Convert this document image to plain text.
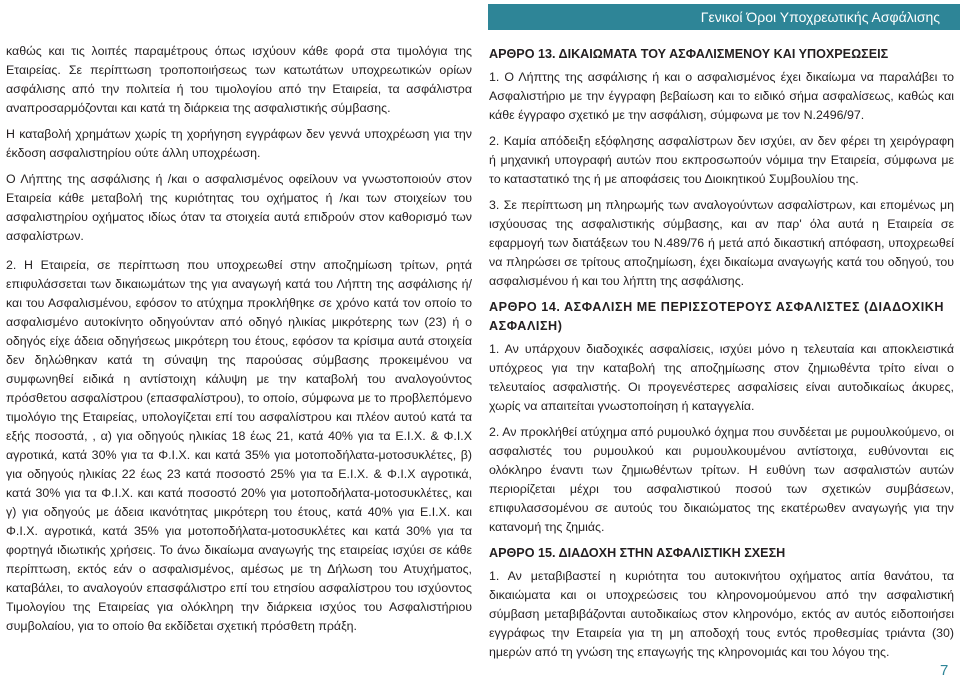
Γενικοί Όροι Υποχρεωτικής Ασφάλισης

καθώς και τις λοιπές παραμέτρους όπως ισχύουν κάθε φορά στα τιμολόγια της Εταιρείας. Σε περίπτωση τροποποιήσεως των κατωτάτων υποχρεωτικών ορίων ασφάλισης από την πολιτεία ή του τιμολογίου από την Εταιρεία, τα ασφάλιστρα αναπροσαρμόζονται και κατά τη διάρκεια της ασφαλιστικής σύμβασης.

Η καταβολή χρημάτων χωρίς τη χορήγηση εγγράφων δεν γεννά υποχρέωση για την έκδοση ασφαλιστηρίου ούτε άλλη υποχρέωση.

Ο Λήπτης της ασφάλισης ή /και ο ασφαλισμένος οφείλουν να γνωστοποιούν στον Εταιρεία κάθε μεταβολή της κυριότητας του οχήματος ή /και των στοιχείων του ασφαλιστηρίου οχήματος ιδίως όταν τα στοιχεία αυτά επιδρούν στον καθορισμό των ασφαλίστρων.

2. Η Εταιρεία, σε περίπτωση που υποχρεωθεί στην αποζημίωση τρίτων, ρητά επιφυλάσσεται των δικαιωμάτων της για αναγωγή κατά του Λήπτη της ασφάλισης ή/και του Ασφαλισμένου, εφόσον το ατύχημα προκλήθηκε σε χρόνο κατά τον οποίο το ασφαλισμένο αυτοκίνητο οδηγούνταν από οδηγό ηλικίας μικρότερης των (23) ή ο οδηγός είχε άδεια οδηγήσεως μικρότερη του έτους, εφόσον τα κρίσιμα αυτά στοιχεία δεν δηλώθηκαν κατά τη σύναψη της παρούσας σύμβασης προκειμένου να συμφωνηθεί ειδικά η αντίστοιχη κάλυψη με την καταβολή του αναλογούντος πρόσθετου ασφαλίστρου (επασφαλίστρου), το οποίο, σύμφωνα με το προβλεπόμενο τιμολόγιο της Εταιρείας, υπολογίζεται επί του ασφαλίστρου και πλέον αυτού κατά τα εξής ποσοστά, , α) για οδηγούς ηλικίας 18 έως 21, κατά 40% για τα Ε.Ι.Χ. & Φ.Ι.Χ αγροτικά, κατά 30% για τα Φ.Ι.Χ. και κατά 35% για μοτοποδήλατα-μοτοσυκλέτες, β) για οδηγούς ηλικίας 22 έως 23 κατά ποσοστό 25% για τα Ε.Ι.Χ. & Φ.Ι.Χ αγροτικά, κατά 30% για τα Φ.Ι.Χ. και κατά ποσοστό 20% για μοτοποδήλατα-μοτοσυκλέτες, και γ) για οδηγούς με άδεια ικανότητας μικρότερη του έτους, κατά 40% για Ε.Ι.Χ. και Φ.Ι.Χ. αγροτικά, κατά 35% για μοτοποδήλατα-μοτοσυκλέτες και κατά 30% για τα φορτηγά ιδιωτικής χρήσεις. Το άνω δικαίωμα αναγωγής της εταιρείας ισχύει σε κάθε περίπτωση, εκτός εάν ο ασφαλισμένος, αμέσως με τη Δήλωση του Ατυχήματος, καταβάλει, το αναλογούν επασφάλιστρο επί του ετησίου ασφαλίστρου του ισχύοντος Τιμολογίου της Εταιρείας για ολόκληρη την διάρκεια ισχύος του Ασφαλιστήριου συμβολαίου, για το οποίο θα εκδίδεται σχετική πρόσθετη πράξη.

ΑΡΘΡΟ 13. ΔΙΚΑΙΩΜΑΤΑ ΤΟΥ ΑΣΦΑΛΙΣΜΕΝΟΥ ΚΑΙ ΥΠΟΧΡΕΩΣΕΙΣ

1. Ο Λήπτης της ασφάλισης ή και ο ασφαλισμένος έχει δικαίωμα να παραλάβει το Ασφαλιστήριο με την έγγραφη βεβαίωση και το ειδικό σήμα ασφαλίσεως, καθώς και κάθε έγγραφο σχετικό με την ασφάλιση, σύμφωνα με τον Ν.2496/97.

2. Καμία απόδειξη εξόφλησης ασφαλίστρων δεν ισχύει, αν δεν φέρει τη χειρόγραφη ή μηχανική υπογραφή αυτών που εκπροσωπούν νόμιμα την Εταιρεία, σύμφωνα με το καταστατικό της ή με αποφάσεις του Διοικητικού Συμβουλίου της.

3. Σε περίπτωση μη πληρωμής των αναλογούντων ασφαλίστρων, και επομένως μη ισχύουσας της ασφαλιστικής σύμβασης, και αν παρ' όλα αυτά η Εταιρεία σε εφαρμογή των διατάξεων του Ν.489/76 ή μετά από δικαστική απόφαση, υποχρεωθεί να πληρώσει σε τρίτους αποζημίωση, έχει δικαίωμα αναγωγής κατά του οδηγού, του ασφαλισμένου ή και του λήπτη της ασφάλισης.

ΑΡΘΡΟ 14. ΑΣΦΑΛΙΣΗ ΜΕ ΠΕΡΙΣΣΟΤΕΡΟΥΣ ΑΣΦΑΛΙΣΤΕΣ (ΔΙΑΔΟΧΙΚΗ ΑΣΦΑΛΙΣΗ)

1. Αν υπάρχουν διαδοχικές ασφαλίσεις, ισχύει μόνο η τελευταία και αποκλειστικά υπόχρεος για την καταβολή της αποζημίωσης στον ζημιωθέντα τρίτο είναι ο τελευταίος ασφαλιστής. Οι προγενέστερες ασφαλίσεις είναι αυτοδικαίως άκυρες, χωρίς να απαιτείται γνωστοποίηση ή καταγγελία.

2. Αν προκλήθεί ατύχημα από ρυμουλκό όχημα που συνδέεται με ρυμουλκούμενο, οι ασφαλιστές του ρυμουλκού και ρυμουλκουμένου αντίστοιχα, ευθύνονται εις ολόκληρο έναντι των ζημιωθέντων τρίτων. Η ευθύνη των ασφαλιστών αυτών περιορίζεται μέχρι του ασφαλιστικού ποσού των σχετικών συμβάσεων, επιφυλασσομένου σε αυτούς του δικαιώματος της εκατέρωθεν αναγωγής για την κατανομή της ζημιάς.

ΑΡΘΡΟ 15. ΔΙΑΔΟΧΗ ΣΤΗΝ ΑΣΦΑΛΙΣΤΙΚΗ ΣΧΕΣΗ

1. Αν μεταβιβαστεί η κυριότητα του αυτοκινήτου οχήματος αιτία θανάτου, τα δικαιώματα και οι υποχρεώσεις του κληρονομούμενου από την ασφαλιστική σύμβαση μεταβιβάζονται αυτοδικαίως στον κληρονόμο, εκτός αν αυτός ειδοποιήσει εγγράφως την Εταιρεία για τη μη αποδοχή τους εντός προθεσμίας τριάντα (30) ημερών από τη γνώση της επαγωγής της κληρονομιάς και του λόγου της.

7
